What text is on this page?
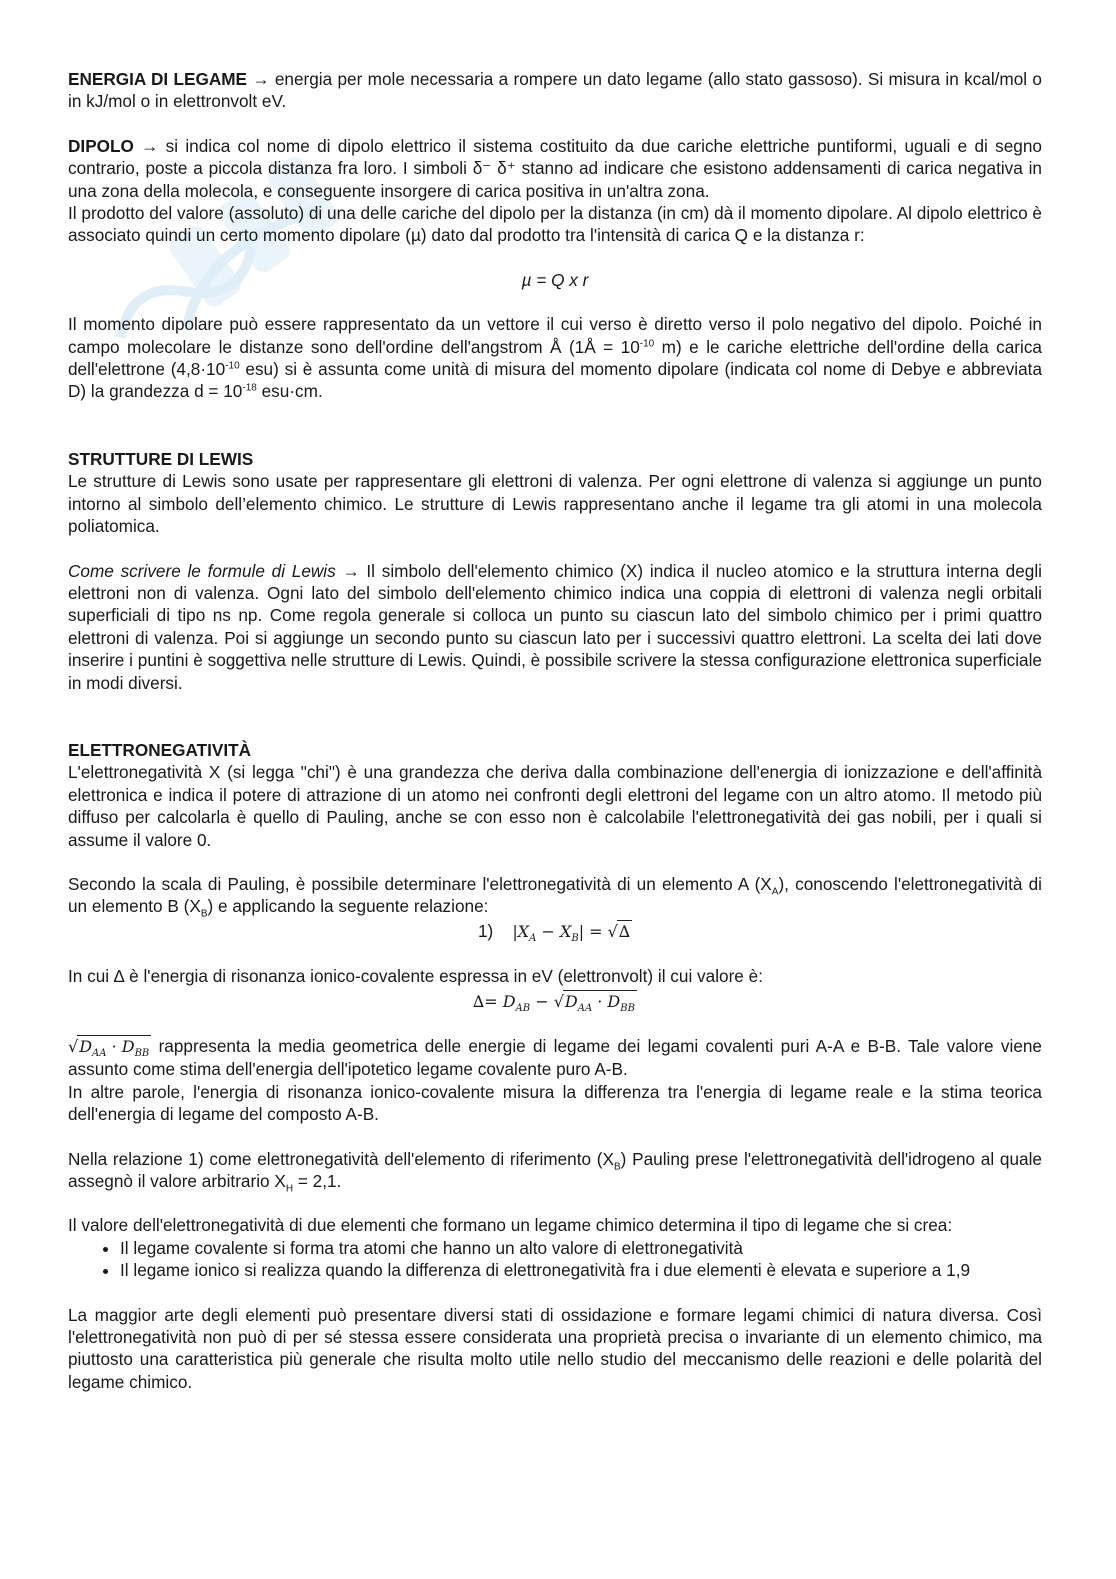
ENERGIA DI LEGAME → energia per mole necessaria a rompere un dato legame (allo stato gassoso). Si misura in kcal/mol o in kJ/mol o in elettronvolt eV.

DIPOLO → si indica col nome di dipolo elettrico il sistema costituito da due cariche elettriche puntiformi, uguali e di segno contrario, poste a piccola distanza fra loro. I simboli δ⁻ δ⁺ stanno ad indicare che esistono addensamenti di carica negativa in una zona della molecola, e conseguente insorgere di carica positiva in un'altra zona.

Il prodotto del valore (assoluto) di una delle cariche del dipolo per la distanza (in cm) dà il momento dipolare. Al dipolo elettrico è associato quindi un certo momento dipolare (µ) dato dal prodotto tra l'intensità di carica Q e la distanza r:

µ = Q x r

Il momento dipolare può essere rappresentato da un vettore il cui verso è diretto verso il polo negativo del dipolo. Poiché in campo molecolare le distanze sono dell'ordine dell'angstrom Å (1Å = $10^{-10}$ m) e le cariche elettriche dell'ordine della carica dell'elettrone ($4,8\cdot 10^{-10}$ esu) si è assunta come unità di misura del momento dipolare (indicata col nome di Debye e abbreviata D) la grandezza $d = 10^{-18}$ esu·cm.

STRUTTURE DI LEWIS

Le strutture di Lewis sono usate per rappresentare gli elettroni di valenza. Per ogni elettrone di valenza si aggiunge un punto intorno al simbolo dell’elemento chimico. Le strutture di Lewis rappresentano anche il legame tra gli atomi in una molecola poliatomica.

Come scrivere le formule di Lewis → Il simbolo dell'elemento chimico (X) indica il nucleo atomico e la struttura interna degli elettroni non di valenza. Ogni lato del simbolo dell'elemento chimico indica una coppia di elettroni di valenza negli orbitali superficiali di tipo ns np. Come regola generale si colloca un punto su ciascun lato del simbolo chimico per i primi quattro elettroni di valenza. Poi si aggiunge un secondo punto su ciascun lato per i successivi quattro elettroni. La scelta dei lati dove inserire i puntini è soggettiva nelle strutture di Lewis. Quindi, è possibile scrivere la stessa configurazione elettronica superficiale in modi diversi.

ELETTRONEGATIVITÀ

L'elettronegatività X (si legga "chi") è una grandezza che deriva dalla combinazione dell'energia di ionizzazione e dell'affinità elettronica e indica il potere di attrazione di un atomo nei confronti degli elettroni del legame con un altro atomo. Il metodo più diffuso per calcolarla è quello di Pauling, anche se con esso non è calcolabile l'elettronegatività dei gas nobili, per i quali si assume il valore 0.

Secondo la scala di Pauling, è possibile determinare l'elettronegatività di un elemento A $(X_A)$, conoscendo l'elettronegatività di un elemento B $(X_B)$ e applicando la seguente relazione:

1) $|X_A - X_B|$ = √∆

In cui ∆ è l'energia di risonanza ionico-covalente espressa in eV (elettronvolt) il cui valore è:

∆= $D_{AB} - √D_{AA} \cdot D_{BB}$

$√D_{AA} \cdot D_{BB}$ rappresenta la media geometrica delle energie di legame dei legami covalenti puri A-A e B-B. Tale valore viene assunto come stima dell'energia dell'ipotetico legame covalente puro A-B.

In altre parole, l'energia di risonanza ionico-covalente misura la differenza tra l'energia di legame reale e la stima teorica dell'energia di legame del composto A-B.

Nella relazione 1) come elettronegatività dell'elemento di riferimento $(X_B)$ Pauling prese l'elettronegatività dell'idrogeno al quale assegnò il valore arbitrario $X_H = 2,1$.

Il valore dell'elettronegatività di due elementi che formano un legame chimico determina il tipo di legame che si crea:

• Il legame covalente si forma tra atomi che hanno un alto valore di elettronegatività
• Il legame ionico si realizza quando la differenza di elettronegatività fra i due elementi è elevata e superiore a 1,9

La maggior arte degli elementi può presentare diversi stati di ossidazione e formare legami chimici di natura diversa. Così l'elettronegatività non può di per sé stessa essere considerata una proprietà precisa o invariante di un elemento chimico, ma piuttosto una caratteristica più generale che risulta molto utile nello studio del meccanismo delle reazioni e delle polarità del legame chimico.
